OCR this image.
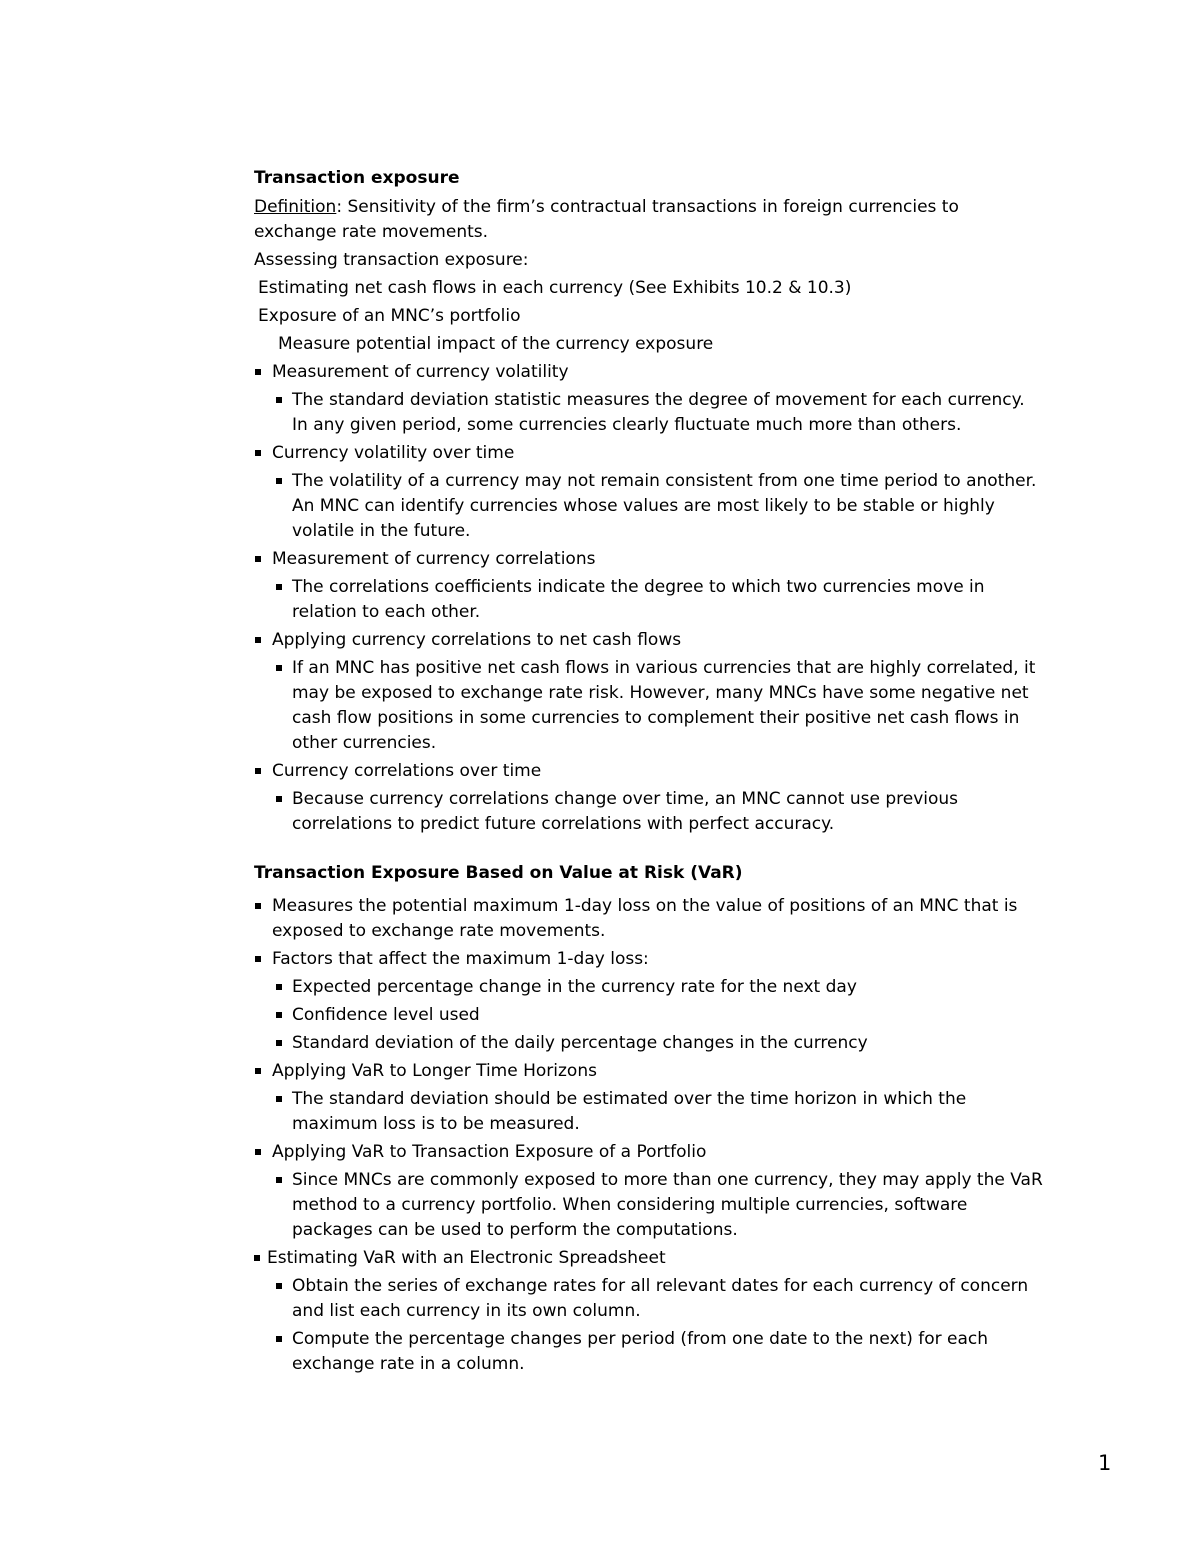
Transaction exposure

Definition: Sensitivity of the firm’s contractual transactions in foreign currencies to exchange rate movements.

Assessing transaction exposure:

Estimating net cash flows in each currency (See Exhibits 10.2 & 10.3)

Exposure of an MNC’s portfolio

Measure potential impact of the currency exposure

Measurement of currency volatility
The standard deviation statistic measures the degree of movement for each currency. In any given period, some currencies clearly fluctuate much more than others.
Currency volatility over time
The volatility of a currency may not remain consistent from one time period to another. An MNC can identify currencies whose values are most likely to be stable or highly volatile in the future.
Measurement of currency correlations
The correlations coefficients indicate the degree to which two currencies move in relation to each other.
Applying currency correlations to net cash flows
If an MNC has positive net cash flows in various currencies that are highly correlated, it may be exposed to exchange rate risk. However, many MNCs have some negative net cash flow positions in some currencies to complement their positive net cash flows in other currencies.
Currency correlations over time
Because currency correlations change over time, an MNC cannot use previous correlations to predict future correlations with perfect accuracy.
Transaction Exposure Based on Value at Risk (VaR)
Measures the potential maximum 1-day loss on the value of positions of an MNC that is exposed to exchange rate movements.
Factors that affect the maximum 1-day loss:
Expected percentage change in the currency rate for the next day
Confidence level used
Standard deviation of the daily percentage changes in the currency
Applying VaR to Longer Time Horizons
The standard deviation should be estimated over the time horizon in which the maximum loss is to be measured.
Applying VaR to Transaction Exposure of a Portfolio
Since MNCs are commonly exposed to more than one currency, they may apply the VaR method to a currency portfolio. When considering multiple currencies, software packages can be used to perform the computations.
Estimating VaR with an Electronic Spreadsheet
Obtain the series of exchange rates for all relevant dates for each currency of concern and list each currency in its own column.
Compute the percentage changes per period (from one date to the next) for each exchange rate in a column.
1
